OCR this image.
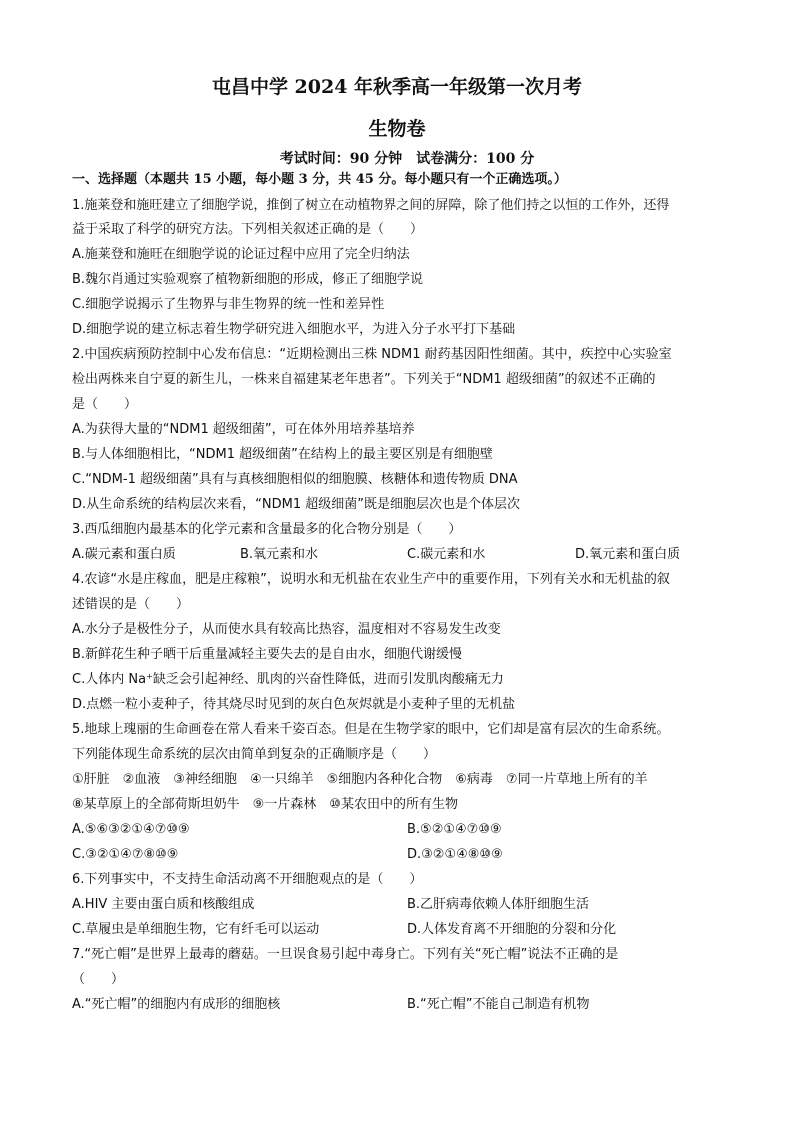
屯昌中学 2024 年秋季高一年级第一次月考
生物卷
考试时间：90 分钟　试卷满分：100 分
一、选择题（本题共 15 小题，每小题 3 分，共 45 分。每小题只有一个正确选项。）
1.施莱登和施旺建立了细胞学说，推倒了树立在动植物界之间的屏障，除了他们持之以恒的工作外，还得
益于采取了科学的研究方法。下列相关叙述正确的是（　　）
A.施莱登和施旺在细胞学说的论证过程中应用了完全归纳法
B.魏尔肖通过实验观察了植物新细胞的形成，修正了细胞学说
C.细胞学说揭示了生物界与非生物界的统一性和差异性
D.细胞学说的建立标志着生物学研究进入细胞水平，为进入分子水平打下基础
2.中国疾病预防控制中心发布信息：“近期检测出三株 NDM1 耐药基因阳性细菌。其中，疾控中心实验室
检出两株来自宁夏的新生儿，一株来自福建某老年患者”。下列关于“NDM1 超级细菌”的叙述不正确的
是（　　）
A.为获得大量的“NDM1 超级细菌”，可在体外用培养基培养
B.与人体细胞相比，“NDM1 超级细菌”在结构上的最主要区别是有细胞壁
C.“NDM-1 超级细菌”具有与真核细胞相似的细胞膜、核糖体和遗传物质 DNA
D.从生命系统的结构层次来看，“NDM1 超级细菌”既是细胞层次也是个体层次
3.西瓜细胞内最基本的化学元素和含量最多的化合物分别是（　　）
A.碳元素和蛋白质	B.氧元素和水	C.碳元素和水	D.氧元素和蛋白质
4.农谚“水是庄稼血，肥是庄稼粮”，说明水和无机盐在农业生产中的重要作用，下列有关水和无机盐的叙
述错误的是（　　）
A.水分子是极性分子，从而使水具有较高比热容，温度相对不容易发生改变
B.新鲜花生种子晒干后重量减轻主要失去的是自由水，细胞代谢缓慢
C.人体内 Na⁺缺乏会引起神经、肌肉的兴奋性降低，进而引发肌肉酸痛无力
D.点燃一粒小麦种子，待其烧尽时见到的灰白色灰烬就是小麦种子里的无机盐
5.地球上瑰丽的生命画卷在常人看来千姿百态。但是在生物学家的眼中，它们却是富有层次的生命系统。
下列能体现生命系统的层次由简单到复杂的正确顺序是（　　）
①肝脏　②血液　③神经细胞　④一只绵羊　⑤细胞内各种化合物　⑥病毒　⑦同一片草地上所有的羊
⑧某草原上的全部荷斯坦奶牛　⑨一片森林　⑩某农田中的所有生物
A.⑤⑥③②①④⑦⑩⑨	B.⑤②①④⑦⑩⑨
C.③②①④⑦⑧⑩⑨	D.③②①④⑧⑩⑨
6.下列事实中，不支持生命活动离不开细胞观点的是（　　）
A.HIV 主要由蛋白质和核酸组成	B.乙肝病毒依赖人体肝细胞生活
C.草履虫是单细胞生物，它有纤毛可以运动	D.人体发育离不开细胞的分裂和分化
7.“死亡帽”是世界上最毒的蘑菇。一旦误食易引起中毒身亡。下列有关“死亡帽”说法不正确的是
（　　）
A.“死亡帽”的细胞内有成形的细胞核	B.“死亡帽”不能自己制造有机物
